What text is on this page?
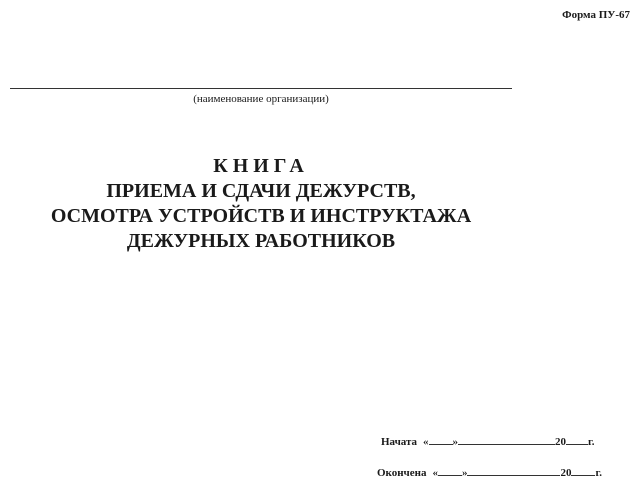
Форма ПУ-67
(наименование организации)
КНИГА
ПРИЕМА И СДАЧИ ДЕЖУРСТВ,
ОСМОТРА УСТРОЙСТВ И ИНСТРУКТАЖА
ДЕЖУРНЫХ РАБОТНИКОВ
Начата « »	20 г.
Окончена « »	20 г.
